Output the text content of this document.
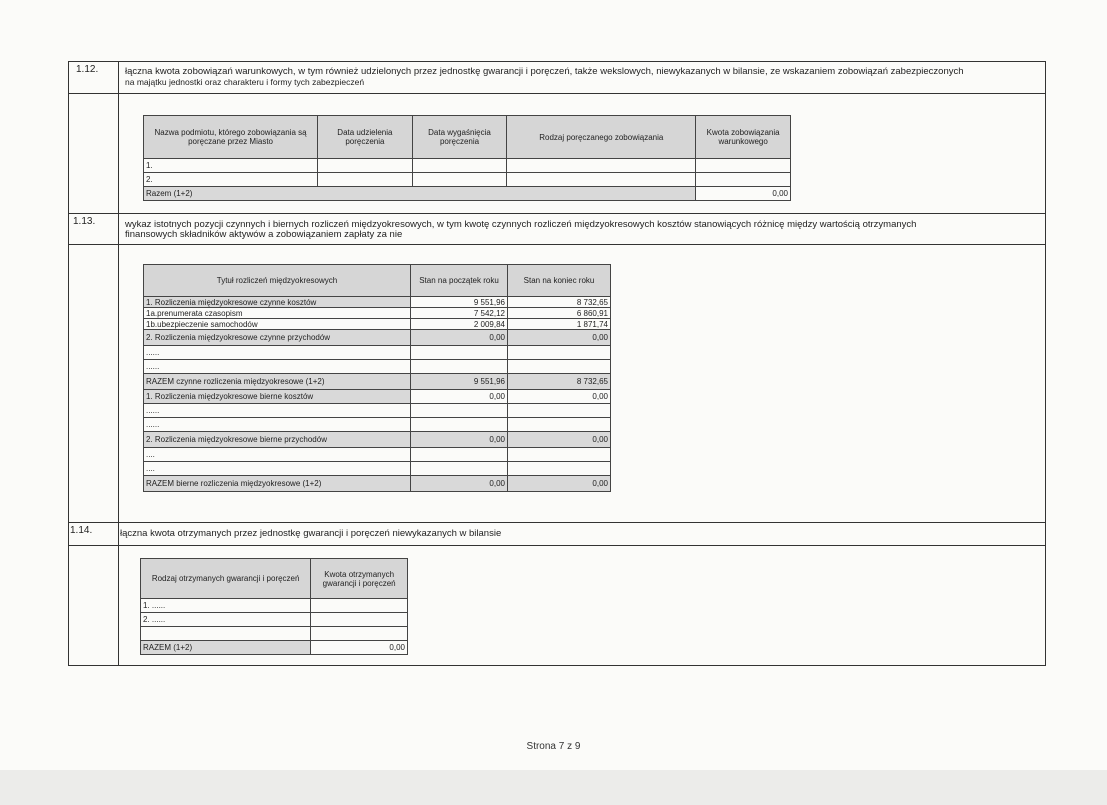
1.12.	łączna kwota zobowiązań warunkowych, w tym również udzielonych przez jednostkę gwarancji i poręczeń, także wekslowych, niewykazanych w bilansie, ze wskazaniem zobowiązań zabezpieczonych
na majątku jednostki oraz charakteru i formy tych zabezpieczeń
Nazwa podmiotu, którego zobowiązania są poręczane przez Miasto	Data udzielenia poręczenia	Data wygaśnięcia poręczenia	Rodzaj poręczanego zobowiązania	Kwota zobowiązania warunkowego
1.				
2.				
Razem (1+2)				0,00
1.13.	wykaz istotnych pozycji czynnych i biernych rozliczeń międzyokresowych, w tym kwotę czynnych rozliczeń międzyokresowych kosztów stanowiących różnicę między wartością otrzymanych
finansowych składników aktywów a zobowiązaniem zapłaty za nie
Tytuł rozliczeń międzyokresowych	Stan na początek roku	Stan na koniec roku
1. Rozliczenia międzyokresowe czynne kosztów	9 551,96	8 732,65
1a.prenumerata czasopism	7 542,12	6 860,91
1b.ubezpieczenie samochodów	2 009,84	1 871,74
2. Rozliczenia międzyokresowe czynne przychodów	0,00	0,00
......		
......		
RAZEM czynne rozliczenia międzyokresowe (1+2)	9 551,96	8 732,65
1. Rozliczenia międzyokresowe bierne kosztów	0,00	0,00
......		
......		
2. Rozliczenia międzyokresowe bierne przychodów	0,00	0,00
....		
....		
RAZEM bierne rozliczenia międzyokresowe (1+2)	0,00	0,00
1.14.	łączna kwota otrzymanych przez jednostkę gwarancji i poręczeń niewykazanych w bilansie
Rodzaj otrzymanych gwarancji i poręczeń	Kwota otrzymanych gwarancji i poręczeń
1. ......	
2. ......	

RAZEM (1+2)	0,00
Strona 7 z 9
